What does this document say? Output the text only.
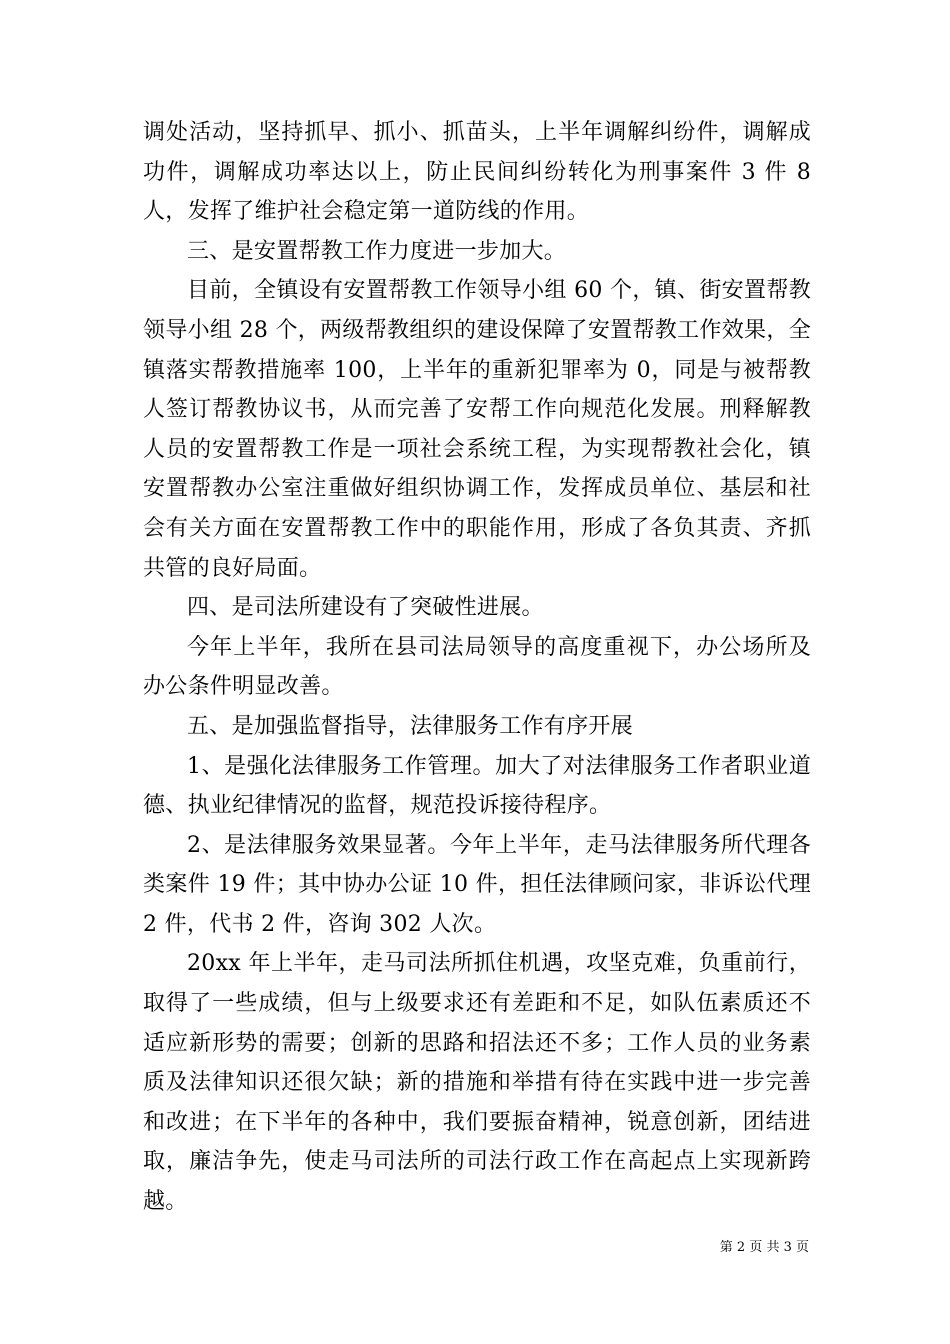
调处活动，坚持抓早、抓小、抓苗头，上半年调解纠纷件，调解成功件，调解成功率达以上，防止民间纠纷转化为刑事案件 3 件 8 人，发挥了维护社会稳定第一道防线的作用。

三、是安置帮教工作力度进一步加大。

目前，全镇设有安置帮教工作领导小组 60 个，镇、街安置帮教领导小组 28 个，两级帮教组织的建设保障了安置帮教工作效果，全镇落实帮教措施率 100，上半年的重新犯罪率为 0，同是与被帮教人签订帮教协议书，从而完善了安帮工作向规范化发展。刑释解教人员的安置帮教工作是一项社会系统工程，为实现帮教社会化，镇安置帮教办公室注重做好组织协调工作，发挥成员单位、基层和社会有关方面在安置帮教工作中的职能作用，形成了各负其责、齐抓共管的良好局面。

四、是司法所建设有了突破性进展。

今年上半年，我所在县司法局领导的高度重视下，办公场所及办公条件明显改善。

五、是加强监督指导，法律服务工作有序开展

1、是强化法律服务工作管理。加大了对法律服务工作者职业道德、执业纪律情况的监督，规范投诉接待程序。

2、是法律服务效果显著。今年上半年，走马法律服务所代理各类案件 19 件；其中协办公证 10 件，担任法律顾问家，非诉讼代理 2 件，代书 2 件，咨询 302 人次。

20xx 年上半年，走马司法所抓住机遇，攻坚克难，负重前行，取得了一些成绩，但与上级要求还有差距和不足，如队伍素质还不适应新形势的需要；创新的思路和招法还不多；工作人员的业务素质及法律知识还很欠缺；新的措施和举措有待在实践中进一步完善和改进；在下半年的各种中，我们要振奋精神，锐意创新，团结进取，廉洁争先，使走马司法所的司法行政工作在高起点上实现新跨越。

第 2 页 共 3 页
